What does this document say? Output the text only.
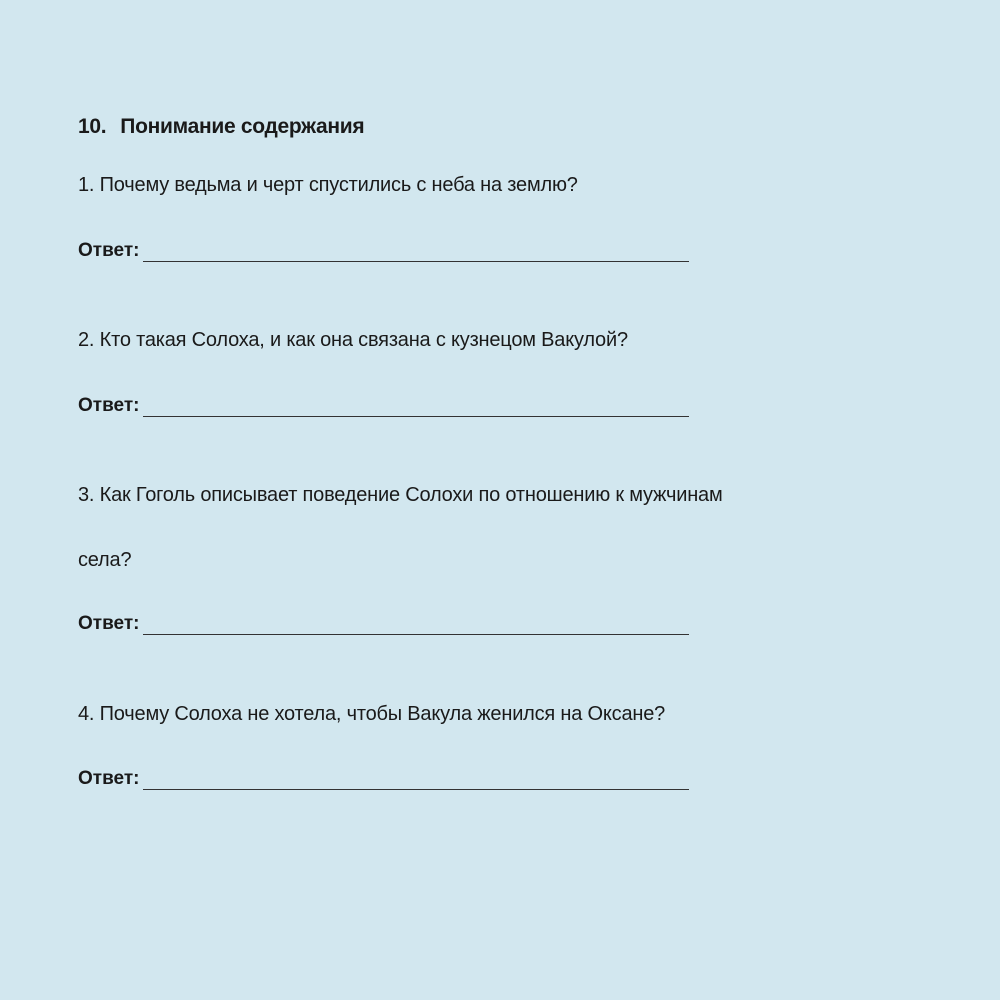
10. Понимание содержания
1. Почему ведьма и черт спустились с неба на землю?
Ответ:
2. Кто такая Солоха, и как она связана с кузнецом Вакулой?
Ответ:
3. Как Гоголь описывает поведение Солохи по отношению к мужчинам
села?
Ответ:
4. Почему Солоха не хотела, чтобы Вакула женился на Оксане?
Ответ:
